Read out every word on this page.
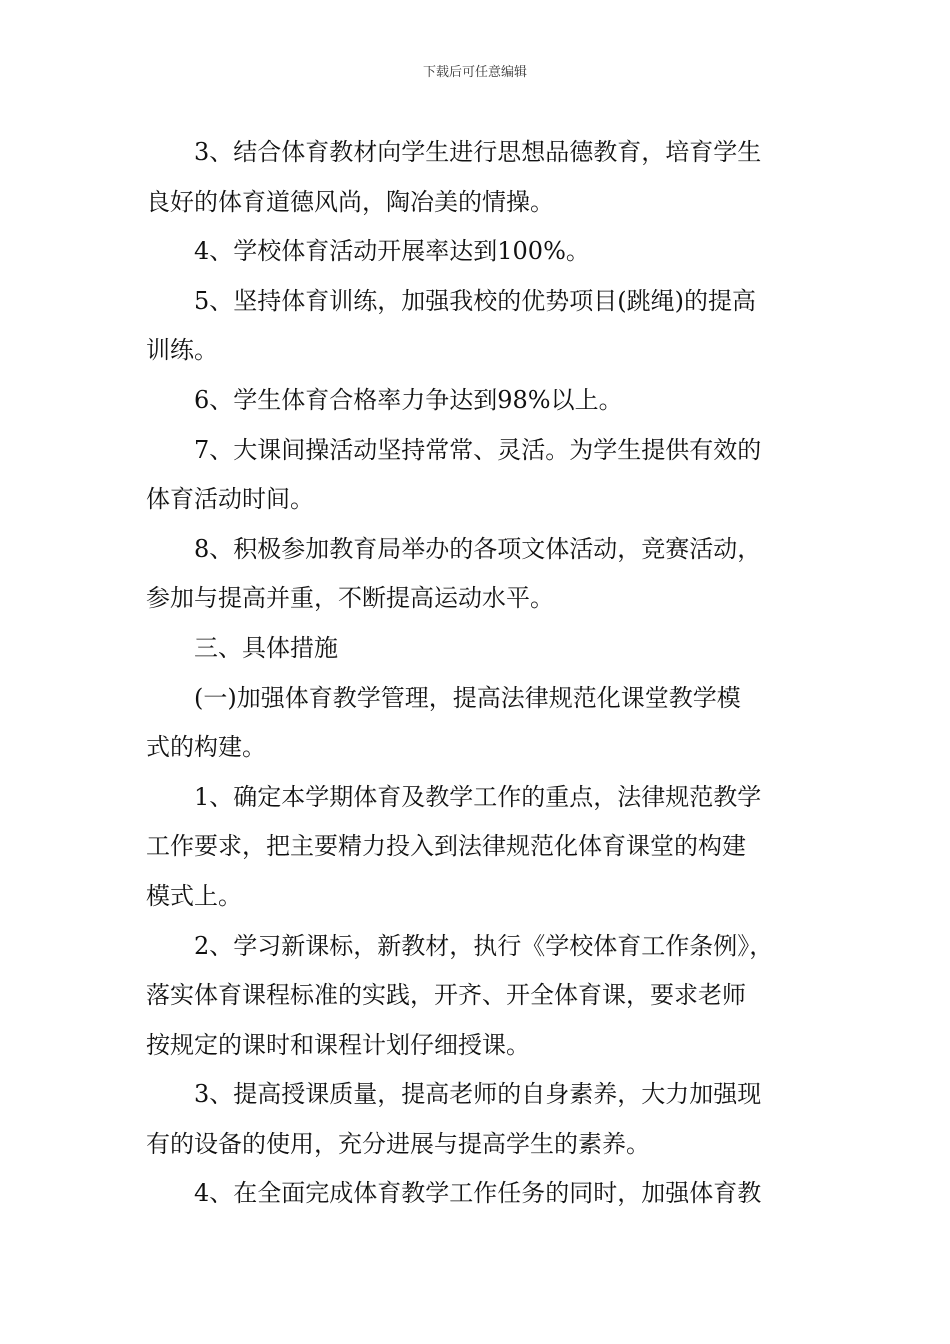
下载后可任意编辑

　　3、结合体育教材向学生进行思想品德教育，培育学生
良好的体育道德风尚，陶冶美的情操。

　　4、学校体育活动开展率达到100%。

　　5、坚持体育训练，加强我校的优势项目(跳绳)的提高
训练。

　　6、学生体育合格率力争达到98%以上。

　　7、大课间操活动坚持常常、灵活。为学生提供有效的
体育活动时间。

　　8、积极参加教育局举办的各项文体活动，竞赛活动，
参加与提高并重，不断提高运动水平。

　　三、具体措施

　　(一)加强体育教学管理，提高法律规范化课堂教学模
式的构建。

　　1、确定本学期体育及教学工作的重点，法律规范教学
工作要求，把主要精力投入到法律规范化体育课堂的构建
模式上。

　　2、学习新课标，新教材，执行《学校体育工作条例》，
落实体育课程标准的实践，开齐、开全体育课，要求老师
按规定的课时和课程计划仔细授课。

　　3、提高授课质量，提高老师的自身素养，大力加强现
有的设备的使用，充分进展与提高学生的素养。

　　4、在全面完成体育教学工作任务的同时，加强体育教
